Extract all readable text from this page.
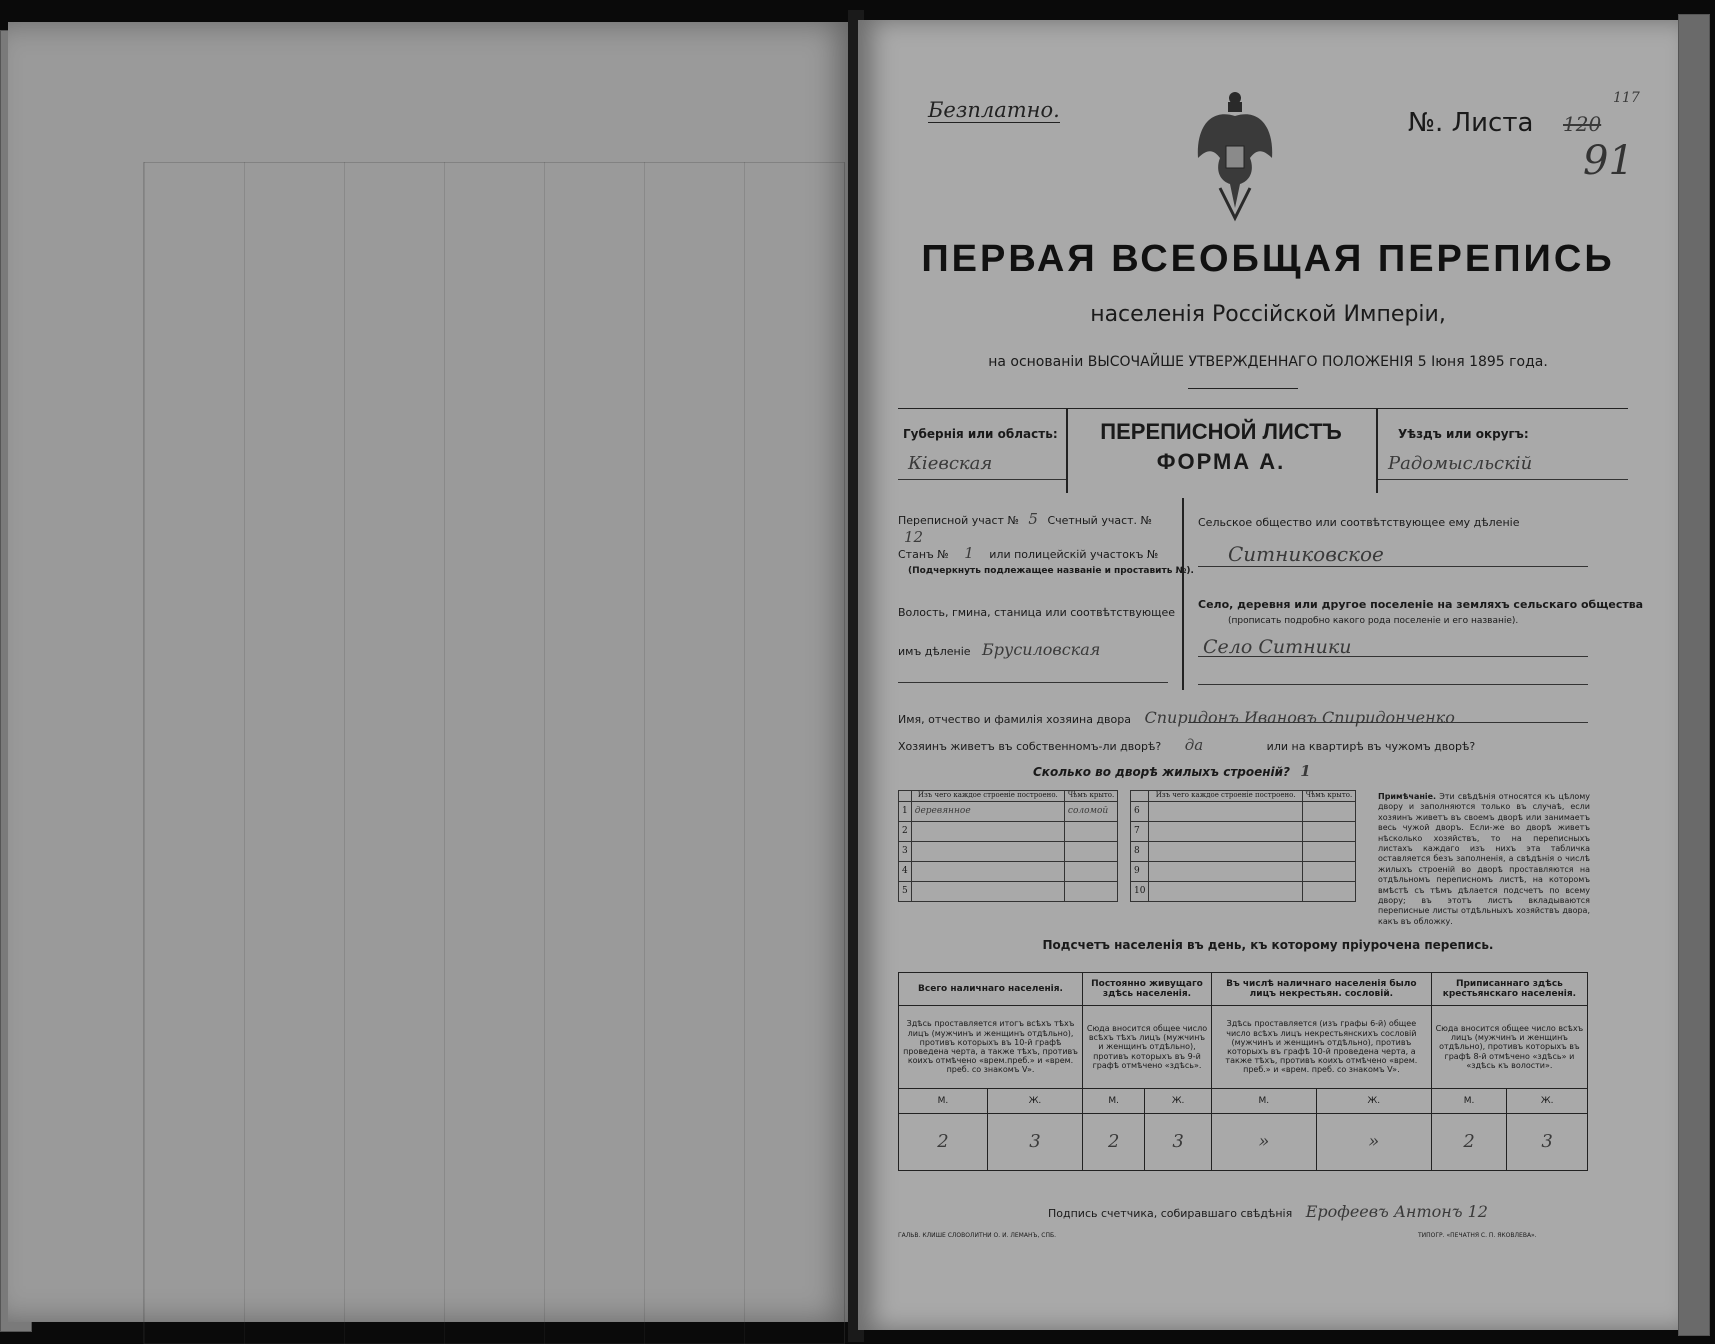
Безплатно.	№. Листа 120
117
91
ПЕРВАЯ ВСЕОБЩАЯ ПЕРЕПИСЬ
населенія Россійской Имперіи,
на основаніи ВЫСОЧАЙШЕ УТВЕРЖДЕННАГО ПОЛОЖЕНІЯ 5 Іюня 1895 года.
Губернія или область:
Кіевская
ПЕРЕПИСНОЙ ЛИСТЪ
ФОРМА А.
Уѣздъ или округъ:
Радомысльскій
Переписной участ № 5 Счетный участ. № 12
Станъ № 1 или полицейскій участокъ №
(Подчеркнуть подлежащее названіе и проставить №).
Волость, гмина, станица или соотвѣтствующее
имъ дѣленіе Брусиловская
Сельское общество или соотвѣтствующее ему дѣленіе
Ситниковское
Село, деревня или другое поселеніе на земляхъ сельскаго общества
(прописать подробно какого рода поселеніе и его названіе).
Село Ситники
Имя, отчество и фамилія хозяина двора Спиридонъ Ивановъ Спиридонченко
Хозяинъ живетъ въ собственномъ-ли дворѣ? да	или на квартирѣ въ чужомъ дворѣ?
Сколько во дворѣ жилыхъ строеній? 1
	Изъ чего каждое строеніе построено.	Чѣмъ крыто.
1	деревянное	соломой
2		
3		
4		
5		
	Изъ чего каждое строеніе построено.	Чѣмъ крыто.
6		
7		
8		
9		
10		
Примѣчаніе. Эти свѣдѣнія относятся къ цѣлому двору и заполняются только въ случаѣ, если хозяинъ живетъ въ своемъ дворѣ или занимаетъ весь чужой дворъ. Если-же во дворѣ живетъ нѣсколько хозяйствъ, то на переписныхъ листахъ каждаго изъ нихъ эта табличка оставляется безъ заполненія, а свѣдѣнія о числѣ жилыхъ строеній во дворѣ проставляются на отдѣльномъ переписномъ листѣ, на которомъ вмѣстѣ съ тѣмъ дѣлается подсчетъ по всему двору; въ этотъ листъ вкладываются переписные листы отдѣльныхъ хозяйствъ двора, какъ въ обложку.
Подсчетъ населенія въ день, къ которому пріурочена перепись.
Всего наличнаго населенія.		Постоянно живущаго здѣсь населенія.		Въ числѣ наличнаго населенія было лицъ некрестьян. сословій.		Приписаннаго здѣсь крестьянскаго населенія.	
Здѣсь проставляется итогъ всѣхъ тѣхъ лицъ (мужчинъ и женщинъ отдѣльно), противъ которыхъ въ 10-й графѣ проведена черта, а также тѣхъ, противъ коихъ отмѣчено «врем.преб.» и «врем. преб. со знакомъ V».		Сюда вносится общее число всѣхъ тѣхъ лицъ (мужчинъ и женщинъ отдѣльно), противъ которыхъ въ 9-й графѣ отмѣчено «здѣсь».		Здѣсь проставляется (изъ графы 6-й) общее число всѣхъ лицъ некрестьянскихъ сословій (мужчинъ и женщинъ отдѣльно), противъ которыхъ въ графѣ 10-й проведена черта, а также тѣхъ, противъ коихъ отмѣчено «врем. преб.» и «врем. преб. со знакомъ V».		Сюда вносится общее число всѣхъ лицъ (мужчинъ и женщинъ отдѣльно), противъ которыхъ въ графѣ 8-й отмѣчено «здѣсь» и «здѣсь къ волости».	
М.	Ж.	М.	Ж.	М.	Ж.	М.	Ж.
2	3	2	3	»	»	2	3
Подпись счетчика, собиравшаго свѣдѣнія Ерофеевъ Антонъ 12
ГАЛЬВ. КЛИШЕ СЛОВОЛИТНИ О. И. ЛЕМАНЪ, СПБ.	ТИПОГР. «ПЕЧАТНЯ С. П. ЯКОВЛЕВА».
